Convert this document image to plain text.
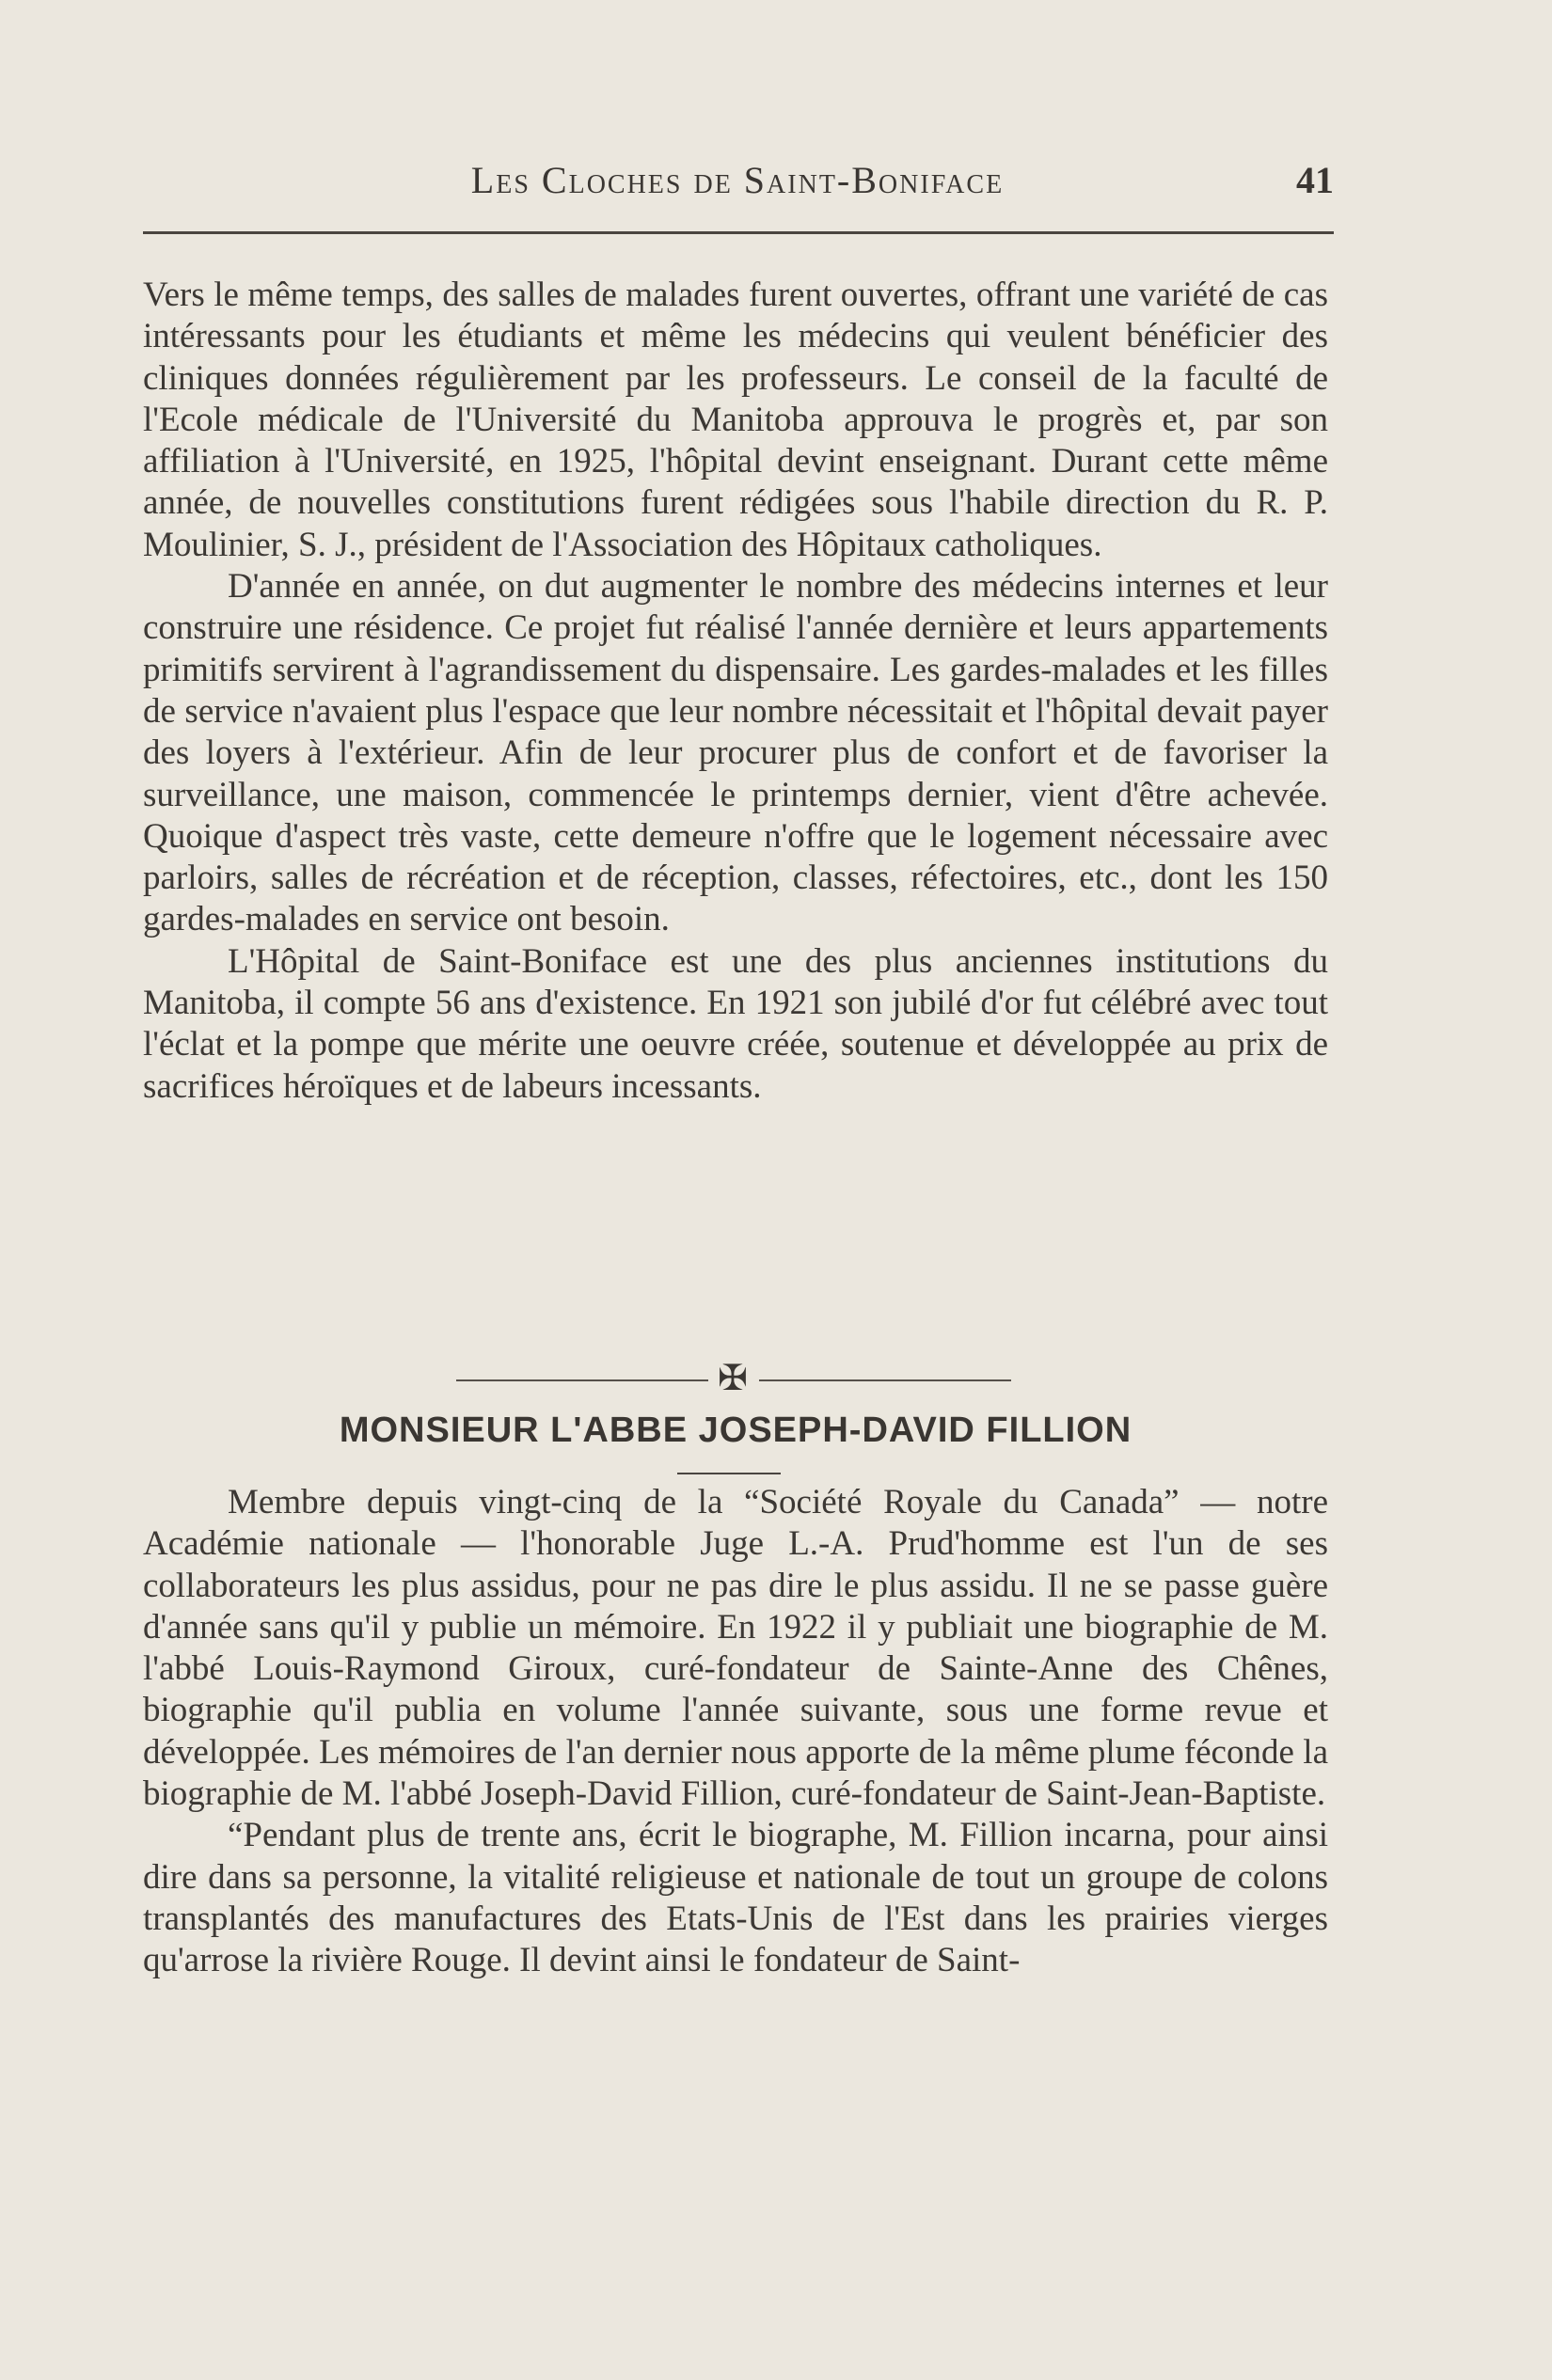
Les Cloches de Saint-Boniface	41

Vers le même temps, des salles de malades furent ouvertes, offrant une variété de cas intéressants pour les étudiants et même les médecins qui veulent bénéficier des cliniques données régulièrement par les professeurs. Le conseil de la faculté de l'Ecole médicale de l'Université du Manitoba approuva le progrès et, par son affiliation à l'Université, en 1925, l'hôpital devint enseignant. Durant cette même année, de nouvelles constitutions furent rédigées sous l'habile direction du R. P. Moulinier, S. J., président de l'Association des Hôpitaux catholiques.

D'année en année, on dut augmenter le nombre des médecins internes et leur construire une résidence. Ce projet fut réalisé l'année dernière et leurs appartements primitifs servirent à l'agrandissement du dispensaire. Les gardes-malades et les filles de service n'avaient plus l'espace que leur nombre nécessitait et l'hôpital devait payer des loyers à l'extérieur. Afin de leur procurer plus de confort et de favoriser la surveillance, une maison, commencée le printemps dernier, vient d'être achevée. Quoique d'aspect très vaste, cette demeure n'offre que le logement nécessaire avec parloirs, salles de récréation et de réception, classes, réfectoires, etc., dont les 150 gardes-malades en service ont besoin.

L'Hôpital de Saint-Boniface est une des plus anciennes institutions du Manitoba, il compte 56 ans d'existence. En 1921 son jubilé d'or fut célébré avec tout l'éclat et la pompe que mérite une oeuvre créée, soutenue et développée au prix de sacrifices héroïques et de labeurs incessants.

✠
MONSIEUR L'ABBE JOSEPH-DAVID FILLION

Membre depuis vingt-cinq de la “Société Royale du Canada” — notre Académie nationale — l'honorable Juge L.-A. Prud'homme est l'un de ses collaborateurs les plus assidus, pour ne pas dire le plus assidu. Il ne se passe guère d'année sans qu'il y publie un mémoire. En 1922 il y publiait une biographie de M. l'abbé Louis-Raymond Giroux, curé-fondateur de Sainte-Anne des Chênes, biographie qu'il publia en volume l'année suivante, sous une forme revue et développée. Les mémoires de l'an dernier nous apporte de la même plume féconde la biographie de M. l'abbé Joseph-David Fillion, curé-fondateur de Saint-Jean-Baptiste.

“Pendant plus de trente ans, écrit le biographe, M. Fillion incarna, pour ainsi dire dans sa personne, la vitalité religieuse et nationale de tout un groupe de colons transplantés des manufactures des Etats-Unis de l'Est dans les prairies vierges qu'arrose la rivière Rouge. Il devint ainsi le fondateur de Saint-
